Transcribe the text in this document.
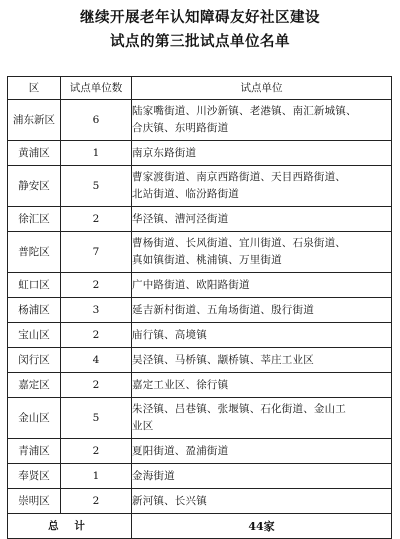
继续开展老年认知障碍友好社区建设
试点的第三批试点单位名单
区	试点单位数	试点单位
浦东新区	6	陆家嘴街道、川沙新镇、老港镇、南汇新城镇、
合庆镇、东明路街道
黄浦区	1	南京东路街道
静安区	5	曹家渡街道、南京西路街道、天目西路街道、
北站街道、临汾路街道
徐汇区	2	华泾镇、漕河泾街道
普陀区	7	曹杨街道、长风街道、宜川街道、石泉街道、
真如镇街道、桃浦镇、万里街道
虹口区	2	广中路街道、欧阳路街道
杨浦区	3	延吉新村街道、五角场街道、殷行街道
宝山区	2	庙行镇、高境镇
闵行区	4	吴泾镇、马桥镇、颛桥镇、莘庄工业区
嘉定区	2	嘉定工业区、徐行镇
金山区	5	朱泾镇、吕巷镇、张堰镇、石化街道、金山工
业区
青浦区	2	夏阳街道、盈浦街道
奉贤区	1	金海街道
崇明区	2	新河镇、长兴镇
总 计		44家
